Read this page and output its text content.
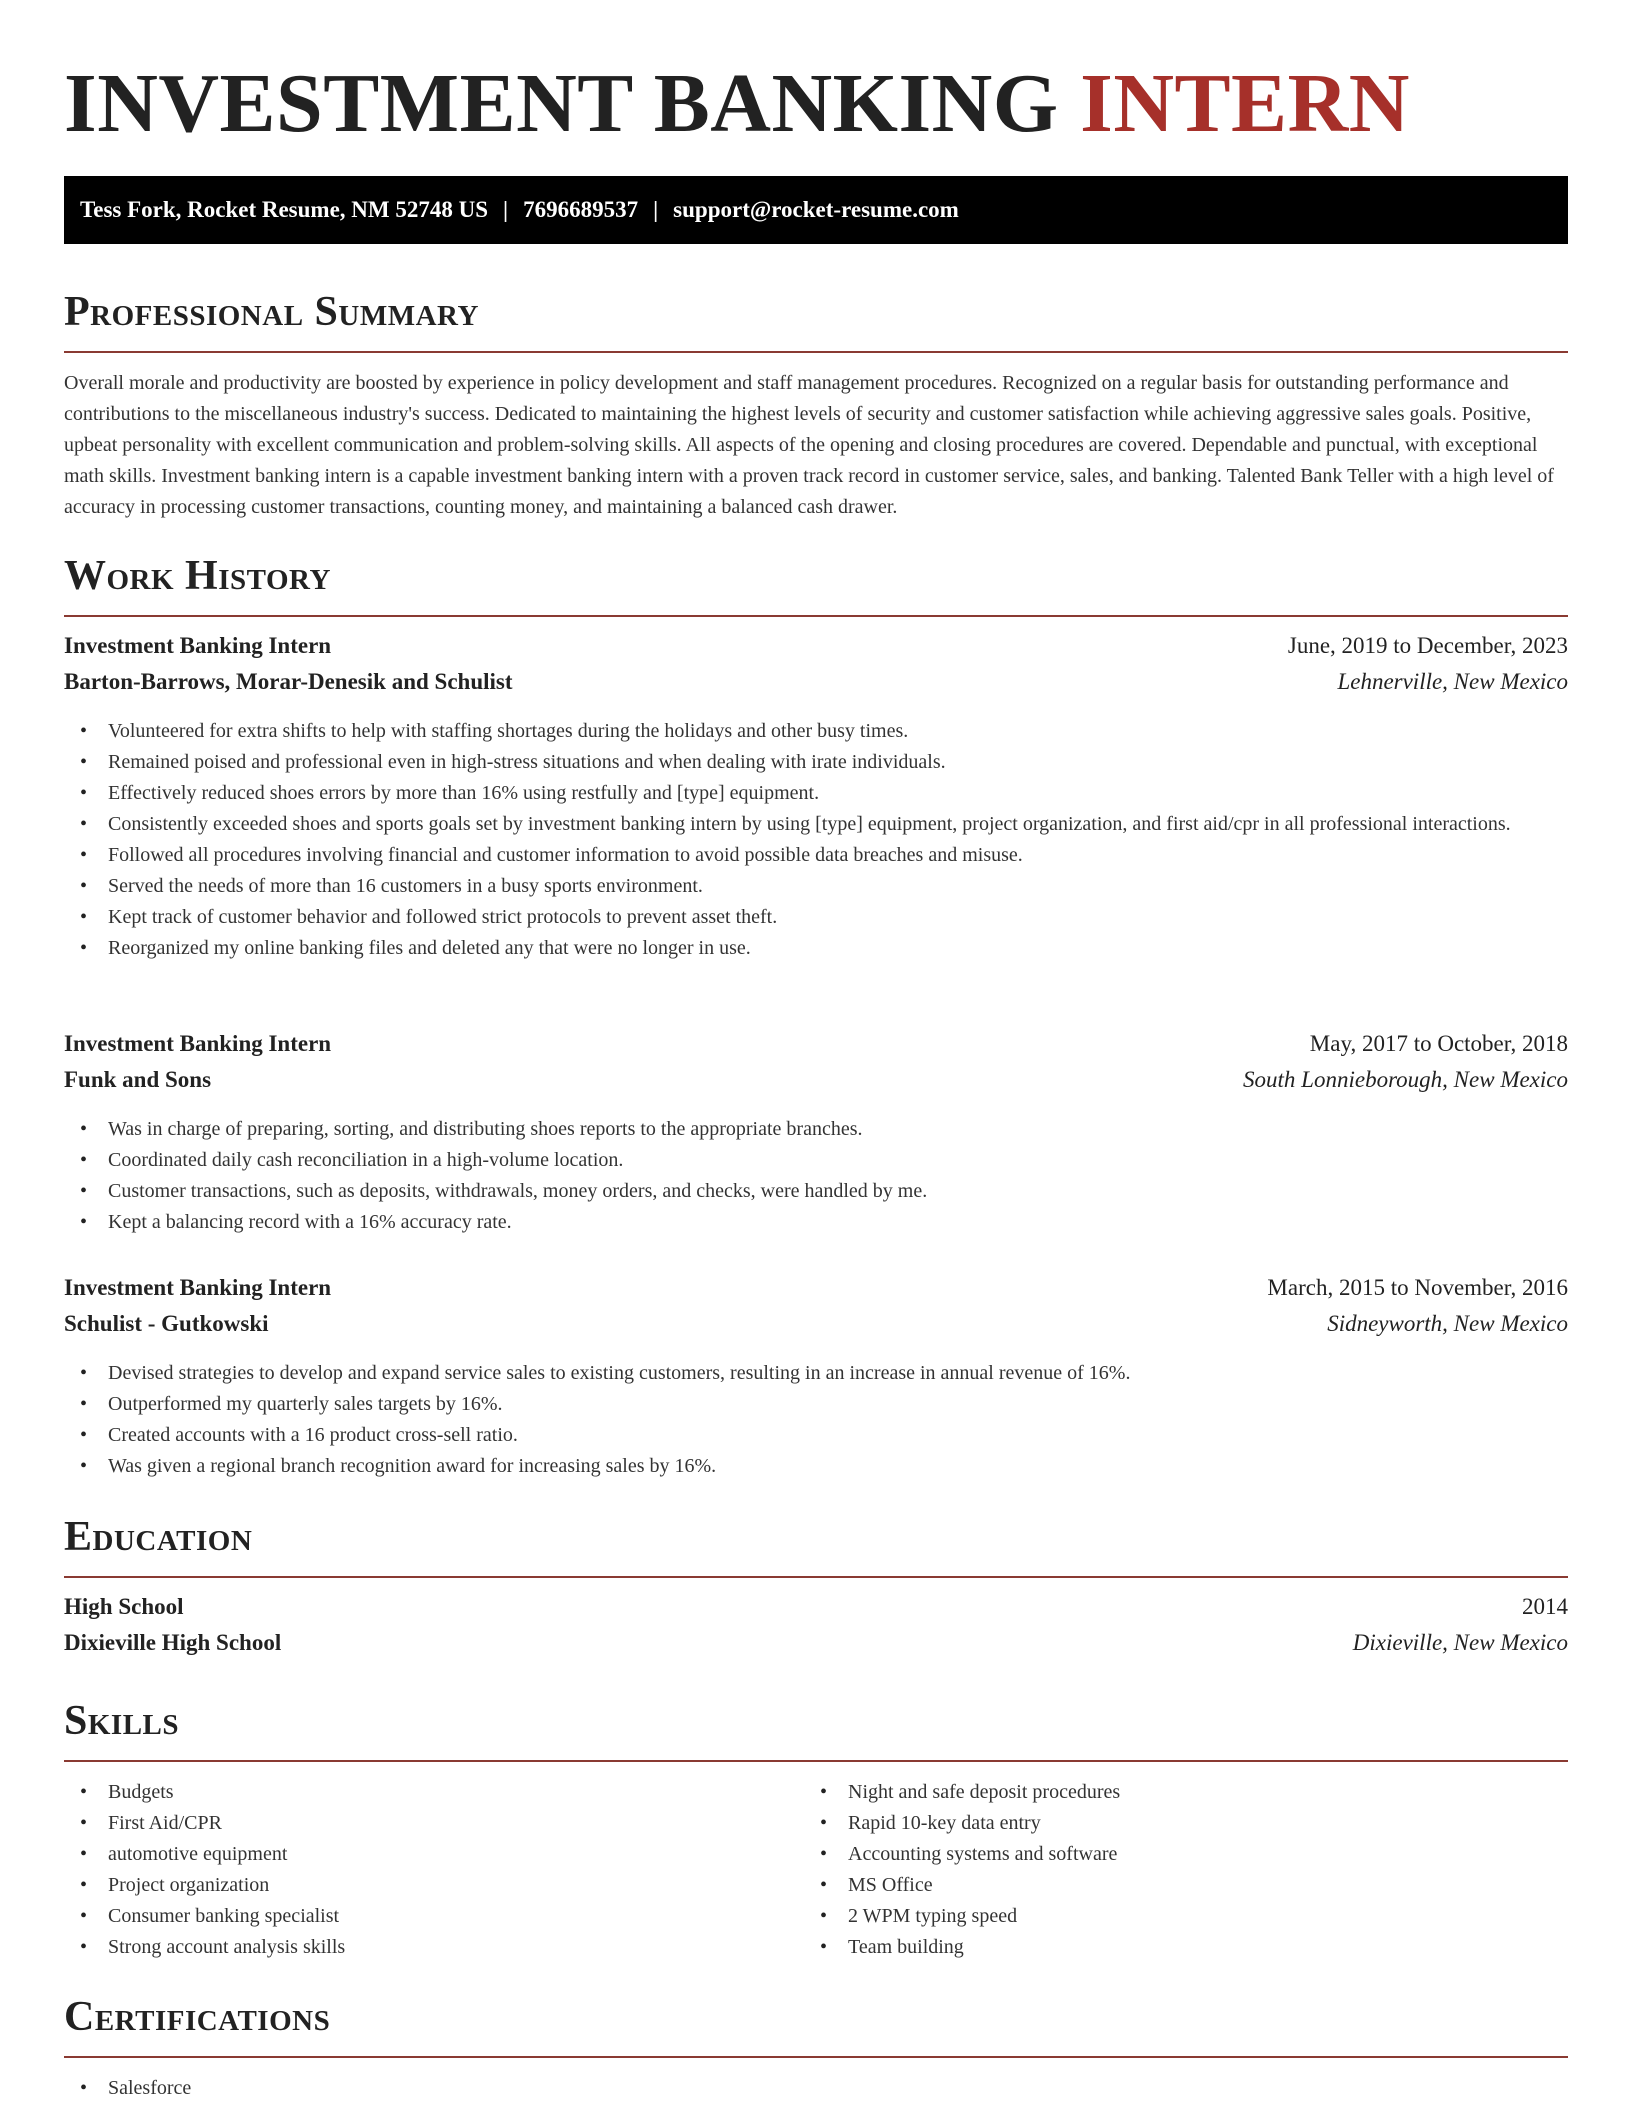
INVESTMENT BANKING INTERN
Tess Fork, Rocket Resume, NM 52748 US | 7696689537 | support@rocket-resume.com
Professional Summary

Overall morale and productivity are boosted by experience in policy development and staff management procedures. Recognized on a regular basis for outstanding performance and contributions to the miscellaneous industry's success. Dedicated to maintaining the highest levels of security and customer satisfaction while achieving aggressive sales goals. Positive, upbeat personality with excellent communication and problem-solving skills. All aspects of the opening and closing procedures are covered. Dependable and punctual, with exceptional math skills. Investment banking intern is a capable investment banking intern with a proven track record in customer service, sales, and banking. Talented Bank Teller with a high level of accuracy in processing customer transactions, counting money, and maintaining a balanced cash drawer.

Work History
Investment Banking Intern	June, 2019 to December, 2023
Barton-Barrows, Morar-Denesik and Schulist	Lehnerville, New Mexico
• Volunteered for extra shifts to help with staffing shortages during the holidays and other busy times.
• Remained poised and professional even in high-stress situations and when dealing with irate individuals.
• Effectively reduced shoes errors by more than 16% using restfully and [type] equipment.
• Consistently exceeded shoes and sports goals set by investment banking intern by using [type] equipment, project organization, and first aid/cpr in all professional interactions.
• Followed all procedures involving financial and customer information to avoid possible data breaches and misuse.
• Served the needs of more than 16 customers in a busy sports environment.
• Kept track of customer behavior and followed strict protocols to prevent asset theft.
• Reorganized my online banking files and deleted any that were no longer in use.
Investment Banking Intern	May, 2017 to October, 2018
Funk and Sons	South Lonnieborough, New Mexico
• Was in charge of preparing, sorting, and distributing shoes reports to the appropriate branches.
• Coordinated daily cash reconciliation in a high-volume location.
• Customer transactions, such as deposits, withdrawals, money orders, and checks, were handled by me.
• Kept a balancing record with a 16% accuracy rate.
Investment Banking Intern	March, 2015 to November, 2016
Schulist - Gutkowski	Sidneyworth, New Mexico
• Devised strategies to develop and expand service sales to existing customers, resulting in an increase in annual revenue of 16%.
• Outperformed my quarterly sales targets by 16%.
• Created accounts with a 16 product cross-sell ratio.
• Was given a regional branch recognition award for increasing sales by 16%.
Education
High School	2014
Dixieville High School	Dixieville, New Mexico
Skills
• Budgets
• First Aid/CPR
• automotive equipment
• Project organization
• Consumer banking specialist
• Strong account analysis skills
• Night and safe deposit procedures
• Rapid 10-key data entry
• Accounting systems and software
• MS Office
• 2 WPM typing speed
• Team building
Certifications
• Salesforce
